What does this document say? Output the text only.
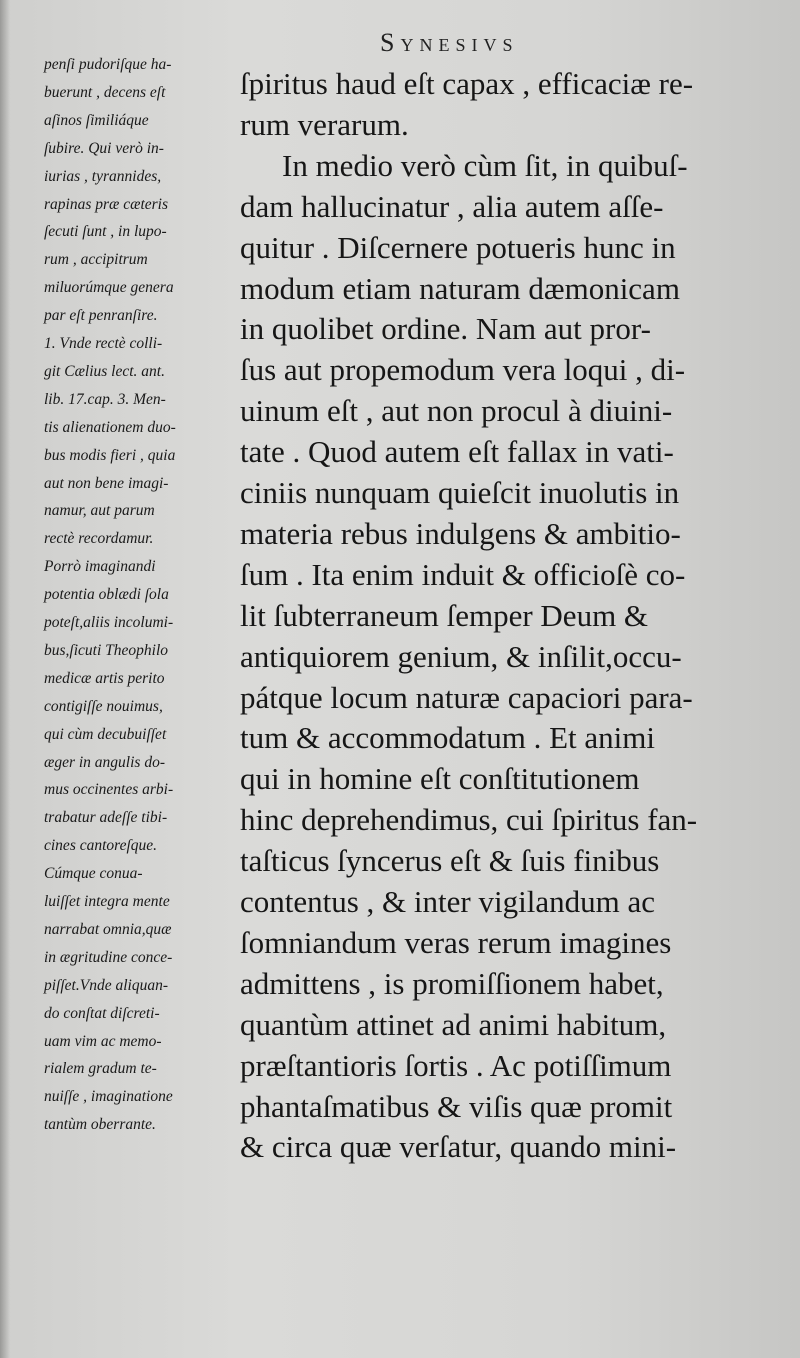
Synesivs
penſi pudoriſque ha-
buerunt , decens eſt
aſinos ſimiliáque
ſubire. Qui verò in-
iurias , tyrannides,
rapinas præ cæteris
ſecuti ſunt , in lupo-
rum , accipitrum
miluorúmque genera
par eſt penranſire.
1. Vnde rectè colli-
git Cælius lect. ant.
lib. 17.cap. 3. Men-
tis alienationem duo-
bus modis fieri , quia
aut non bene imagi-
namur, aut parum
rectè recordamur.
Porrò imaginandi
potentia oblædi ſola
poteſt,aliis incolumi-
bus,ſicuti Theophilo
medicæ artis perito
contigiſſe nouimus,
qui cùm decubuiſſet
æger in angulis do-
mus occinentes arbi-
trabatur adeſſe tibi-
cines cantoreſque.
Cúmque conua-
luiſſet integra mente
narrabat omnia,quæ
in ægritudine conce-
piſſet.Vnde aliquan-
do conſtat diſcreti-
uam vim ac memo-
rialem gradum te-
nuiſſe , imaginatione
tantùm oberrante.
ſpiritus haud eſt capax , efficaciæ re-
rum verarum.
In medio verò cùm ſit, in quibuſ-
dam hallucinatur , alia autem aſſe-
quitur . Diſcernere potueris hunc in
modum etiam naturam dæmonicam
in quolibet ordine. Nam aut pror-
ſus aut propemodum vera loqui , di-
uinum eſt , aut non procul à diuini-
tate . Quod autem eſt fallax in vati-
ciniis nunquam quieſcit inuolutis in
materia rebus indulgens & ambitio-
ſum . Ita enim induit & officioſè co-
lit ſubterraneum ſemper Deum &
antiquiorem genium, & inſilit,occu-
pátque locum naturæ capaciori para-
tum & accommodatum . Et animi
qui in homine eſt conſtitutionem
hinc deprehendimus, cui ſpiritus fan-
taſticus ſyncerus eſt & ſuis finibus
contentus , & inter vigilandum ac
ſomniandum veras rerum imagines
admittens , is promiſſionem habet,
quantùm attinet ad animi habitum,
præſtantioris ſortis . Ac potiſſimum
phantaſmatibus & viſis quæ promit
& circa quæ verſatur, quando mini-
